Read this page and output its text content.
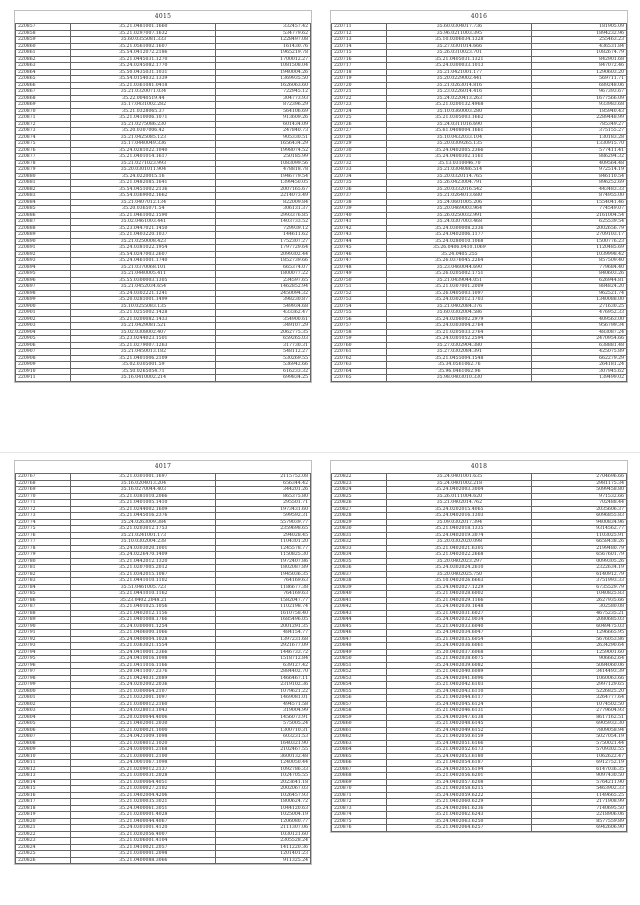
4015
220857	35.21.0481001.1660	332457.42
220858	35.21.0297007.1632	534779.62
220859	35.60.0355081.333	1228497.08
220860	35.21.0561002.1607	161430.76
220861	35.54.0412072.2186	1965219.78
220862	35.21.0445031.1270	1700012.27
220863	35.24.0245082.1770	1081508.04
220864	35.50.0435031.1031	1940004.26
220865	35.54.0154032.1339	1369935.50
220866	35.21.0361081.0418	1626063.60
220867	35.21.0320071.034	722945.12
220868	35.22.0040519.44	304773.93
220869	35.17.0431002.282	872396.29
220870	35.21.0328065.37	564106.69
220871	35.21.0410006.1071	913609.26
220872	35.21.0275086.230	601434.09
220873	35.20.0307006.42	247840.73
220874	35.21.0425085.123	905330.51
220875	35.17.0440049.336	1656434.29
220876	35.24.0281022.1040	1998074.52
220877	35.21.0401014.1617	250185.99
220878	35.21.0271023.993	1083099.56
220879	35.20.0301011.904	478818.78
220880	35.24.0220015.16	1946779.54
220881	35.21.0482085.1641	1399450.05
220882	35.54.0451002.2136	2007165.67
220883	35.54.0369002.1662	2214073.49
220884	35.21.0407012.134	822009.84
220885	35.20.0365071.54	306131.37
220886	35.21.0461002.1590	2993376.85
220887	35.02.0461003.441	1403733.52
220888	35.23.0447021.1450	729939.12
220889	35.21.0403220.1037	144611.62
220890	35.21.0250008.423	1752307.27
220891	35.24.0381022.1954	1797729.64
220892	35.54.0247003.2607	2099302.44
220893	35.24.0461001.1740	1852739.66
220894	35.21.0370068.101	665374.07
220895	35.21.0440005.411	1800077.22
220896	35.55.0300003.1305	234597.65
220897	35.21.0452034.654	1462852.94
220898	35.24.0302221.1241	2450094.32
220899	35.20.0281001.1499	398230.87
220900	35.10.0255083.135	549934.68
220901	35.21.0255002.1428	433362.47
220902	35.21.0200082.1433	354900.61
220903	35.21.0429081.521	349107.29
220904	35.02.0308002.407	2062775.35
220905	35.23.0244023.1501	659265.03
220906	35.21.0279007.1263	317730.31
220907	35.21.0450013.182	548112.27
220908	35.21.0401006.2109	530269.55
220909	35.02.0305001.59	536942.66
220910	35.50.0265054.71	616233.32
220911	35.16.0410002.214	699834.25
4016
220711	35.60.0304017.736	181905.09
220712	35.96.0211003.395	1894232.96
220713	35.10.0306034.1328	255463.23
220714	35.27.0301014.666	436531.84
220715	35.26.0310023.701	1082674.79
220716	35.21.0405031.1321	842901.68
220717	35.24.0300033.1013	847072.46
220718	35.21.0421001.177	1290603.20
220719	35.20.0229002.441	569711.71
220720	35.21.0263014.816	689248.06
220721	35.23.0226014.416	967393.67
220722	35.24.0220413.263	1677566.09
220723	35.21.0200132.4968	933983.68
220724	35.10.0360003.280	185940.43
220725	35.21.0305003.1662	2289448.99
220726	35.24.0311016.690	785349.27
220727	35.61.0408004.1661	375155.27
220728	35.10.0432033.104	130183.28
220729	35.20.0309265.135	1330915.70
220730	35.24.0402005.2366	577411.41
220731	35.24.0400302.1161	886294.32
220732	35.13.0310046.70	409564.48
220733	35.21.0304086.514	972514.19
220734	35.20.0320114.765	846110.54
220735	35.26.0423004.791	896252.69
220736	35.20.0332016.542	443483.33
220737	35.21.0264013.680	874955.00
220738	35.24.0601005.206	1554041.46
220739	35.20.0469003.964	774549.07
220740	35.26.0250032.991	2161004.54
220741	35.24.0307003.468	625539.54
220742	35.24.0300008.2336	2002656.79
220743	35.24.0402006.1177	2709103.17
220744	35.24.0280010.1068	1500776.23
220745	35.26.0406.0410.1069	1120485.69
220746	35.24.0405.255	1039998.42
220747	35.26.0376045.2264	857509.40
220748	35.23.0460044.690	779684.40
220749	35.26.0205002.1751	840603.26
220750	35.21.0439044.051	626944.81
220751	35.21.0307001.2009	884824.20
220752	35.26.0405003.1097	962521.74
220753	35.24.0302012.1703	1340088.00
220754	35.21.0402084.376	271630.25
220755	35.60.0302004.586	476952.33
220756	35.24.0206002.2979	409563.00
220757	35.24.0303004.2764	956799.34
220758	35.21.0205033.2764	483087.24
220759	35.24.0301052.2594	2470954.66
220760	35.27.0302904.380	638881.48
220761	35.27.0302084.391	425075.89
220762	35.21.0455004.1548	662279.29
220763	35.34.0561062.76	264181.24
220764	35.96.0461062.96	307945.62
220765	35.98.0403010.330	139499.02
4017
220767	35.21.0301001.1697	2115752.08
220768	35.16.0204013.204	656344.42
220769	35.16.0270044.403	344201.26
220770	35.21.0381010.2066	865375.80
220771	35.21.0401005.1410	295501.71
220772	35.21.0244002.1609	1973431.60
220773	35.21.0445016.2376	599592.31
220774	35.24.0263009.384	5579039.77
220775	35.21.0203012.1753	2359698.65
220776	35.21.0241001.173	294028.45
220777	35.10.0302004.238	1104301.20
220778	35.24.0303020.1001	1245578.77
220779	35.24.0226470.1409	1150825.30
220780	35.21.0442012.1320	1972407.86
220781	35.21.0207005.2012	1802087.89
220782	35.21.0342015.1087	1945036.35
220783	35.21.0441010.1102	764169.63
220784	35.51.0461005.723	1186677.38
220785	35.21.0441010.1162	764169.63
220786	35.23.0402.2048.21	1582047.77
220787	35.21.0401025.1056	1102198.74
220788	35.21.0402012.1156	1610758.40
220789	35.21.0401008.1766	1685496.05
220790	35.24.0300001.1254	2001291.35
220791	35.21.0406000.1066	484154.77
220792	35.24.0400004.1028	1397231.68
220793	35.21.0363021.1554	2921677.09
220794	35.24.0410001.2366	1446733.72
220795	35.24.0410016.1098	1518712.84
220796	35.21.0411016.1166	639127.42
220797	35.20.0411007.2376	2884402.70
220798	35.21.0424031.2089	1466467.11
220799	35.24.0202002.2036	2319102.36
220800	35.21.0300064.2107	1079621.22
220801	35.21.0332001.1097	1469081.01
220802	35.21.0300012.2160	494571.58
220803	35.24.0328013.1043	319004.99
220804	35.20.0200044.4006	1456073.91
220805	35.21.0402001.2030	575005.24
220806	35.21.0200021.1000	1300710.31
220807	35.24.0421009.1098	603231.53
220808	35.21.0308012.1020	1640321.90
220809	35.24.0300001.2168	2102467.55
220810	35.21.0300001.2100	3600132.48
220811	35.24.0001067.1098	1240050.44
220812	35.21.0209012.2137	1092786.33
220813	35.21.0300031.2028	1024705.55
220814	35.21.0300064.4051	2023641.18
220815	35.21.0300027.2102	2002067.03
220816	35.21.0402004.4206	1026457.93
220817	35.21.0200035.3021	1800624.72
220818	35.24.0400061.3051	1044120.63
220819	35.21.0200001.4028	1025004.19
220820	35.21.0400044.4067	1206080.77
220821	35.24.0301001.4120	2111307.06
220822	35.21.0202056.4007	1030121.60
220823	35.21.0206001.4104	2305528.24
220824	35.21.0410021.2057	1411220.36
220825	35.21.0300001.2098	1201401.23
220826	35.21.0400088.3066	911325.24
4018
220822	35.24.0401001.635	2704696.66
220823	35.24.0401002.218	2981175.34
220824	35.24.0402003.3004	5099458.80
220825	35.26.0111004.620	971532.66
220826	35.21.0402014.762	702488.44
220827	35.24.0202015.4065	2035606.37
220828	35.24.0402016.1303	6096855.83
220829	35.09.0302017.394	9400834.96
220830	35.21.0402018.1335	9314562.77
220831	35.24.0402019.3074	1103025.91
220832	35.20.0302020.098	6658438.26
220833	35.21.0402021.6305	2199480.79
220834	35.21.0402022.2668	6567601.79
220835	35.20.0402023.297	0099305.26
220836	35.24.0302024.2610	2322634.19
220837	35.20.0402025.750	6140912.79
220838	35.10.0402026.6663	3751993.33
220839	35.24.0402027.1229	6735529.79
220840	35.21.0402028.6002	1040825.83
220841	35.21.0402029.1166	2627935.66
220842	35.24.0402030.1648	302580.08
220843	35.21.0402031.6027	4675235.21
220844	35.24.0402032.0034	2080685.03
220845	35.21.0402033.6040	6049475.03
220846	35.24.0402034.6047	1296665.95
220847	35.21.0402035.6054	5676053.86
220848	35.24.0402036.6061	2634290.64
220849	35.20.0402037.6068	1259001.60
220850	35.21.0402038.6075	906662.64
220851	35.24.0402039.6082	5084060.06
220852	35.21.0402040.6089	3414493.39
220853	35.24.0402041.6096	1060063.66
220854	35.21.0402042.6103	2997129.65
220855	35.24.0402043.6110	5226825.20
220856	35.21.0402044.6117	3264777.64
220857	35.24.0402045.6124	1074502.50
220858	35.21.0402046.6131	2779604.93
220859	35.24.0402047.6138	8617162.51
220860	35.21.0402048.6145	6905933.30
220861	35.24.0402049.6152	7809058.94
220862	35.21.0402050.6159	5027054.19
220863	35.24.0402051.6166	5750021.44
220864	35.21.0402052.6173	5709302.55
220865	35.24.0402053.6180	1062622.47
220866	35.21.0402054.6187	6912752.19
220867	35.24.0402055.6194	6147036.35
220868	35.21.0402056.6201	9097430.50
220869	35.24.0402057.6208	5764211.90
220870	35.21.0402058.6215	5463902.33
220871	35.24.0402059.6222	1149665.25
220872	35.21.0402060.6229	2171908.99
220873	35.24.0402061.6236	7140695.50
220874	35.21.0402062.6243	2218906.06
220875	35.24.0402063.6250	8577559.89
220876	35.21.0402064.6257	6942606.90
